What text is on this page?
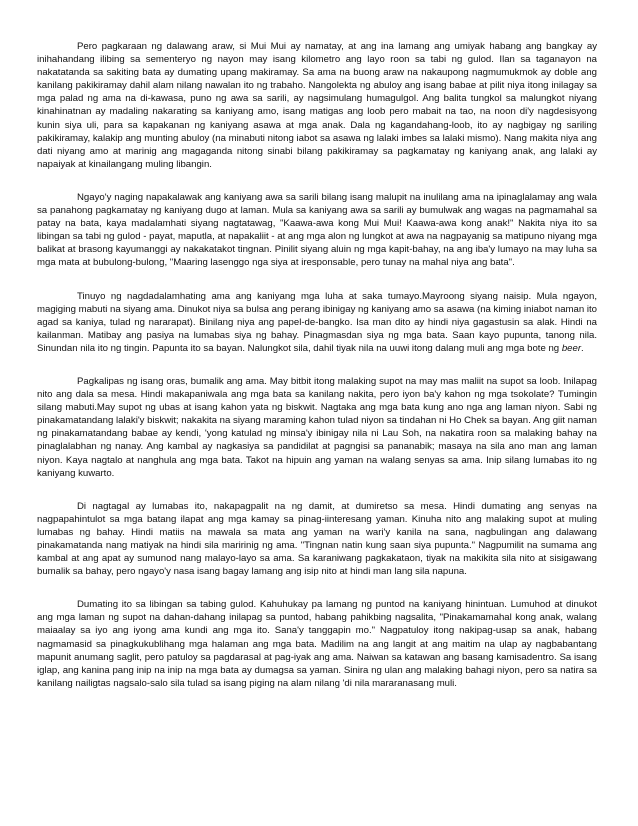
Pero pagkaraan ng dalawang araw, si Mui Mui ay namatay, at ang ina lamang ang umiyak habang ang bangkay ay inihahandang ilibing sa sementeryo ng nayon may isang kilometro ang layo roon sa tabi ng gulod. Ilan sa taganayon na nakatatanda sa sakiting bata ay dumating upang makiramay. Sa ama na buong araw na nakaupong nagmumukmok ay doble ang kanilang pakikiramay dahil alam nilang nawalan ito ng trabaho. Nangolekta ng abuloy ang isang babae at pilit niya itong inilagay sa mga palad ng ama na di-kawasa, puno ng awa sa sarili, ay nagsimulang humagulgol. Ang balita tungkol sa malungkot niyang kinahinatnan ay madaling nakarating sa kaniyang amo, isang matigas ang loob pero mabait na tao, na noon di'y nagdesisyong kunin siya uli, para sa kapakanan ng kaniyang asawa at mga anak. Dala ng kagandahang-loob, ito ay nagbigay ng sariling pakikiramay, kalakip ang munting abuloy (na minabuti nitong iabot sa asawa ng lalaki imbes sa lalaki mismo). Nang makita niya ang dati niyang amo at marinig ang magaganda nitong sinabi bilang pakikiramay sa pagkamatay ng kaniyang anak, ang lalaki ay napaiyak at kinailangang muling libangin.

Ngayo'y naging napakalawak ang kaniyang awa sa sarili bilang isang malupit na inulilang ama na ipinaglalamay ang wala sa panahong pagkamatay ng kaniyang dugo at laman. Mula sa kaniyang awa sa sarili ay bumulwak ang wagas na pagmamahal sa patay na bata, kaya madalamhati siyang nagtatawag, "Kaawa-awa kong Mui Mui! Kaawa-awa kong anak!" Nakita niya ito sa libingan sa tabi ng gulod - payat, maputla, at napakaliit - at ang mga alon ng lungkot at awa na nagpayanig sa matipuno niyang mga balikat at brasong kayumanggi ay nakakatakot tingnan. Pinilit siyang aluin ng mga kapit-bahay, na ang iba'y lumayo na may luha sa mga mata at bubulong-bulong, "Maaring lasenggo nga siya at iresponsable, pero tunay na mahal niya ang bata".

Tinuyo ng nagdadalamhating ama ang kaniyang mga luha at saka tumayo.Mayroong siyang naisip. Mula ngayon, magiging mabuti na siyang ama. Dinukot niya sa bulsa ang perang ibinigay ng kaniyang amo sa asawa (na kiming iniabot naman ito agad sa kaniya, tulad ng nararapat). Binilang niya ang papel-de-bangko. Isa man dito ay hindi niya gagastusin sa alak. Hindi na kailanman. Matibay ang pasiya na lumabas siya ng bahay. Pinagmasdan siya ng mga bata. Saan kayo pupunta, tanong nila. Sinundan nila ito ng tingin. Papunta ito sa bayan. Nalungkot sila, dahil tiyak nila na uuwi itong dalang muli ang mga bote ng beer.

Pagkalipas ng isang oras, bumalik ang ama. May bitbit itong malaking supot na may mas maliit na supot sa loob. Inilapag nito ang dala sa mesa. Hindi makapaniwala ang mga bata sa kanilang nakita, pero iyon ba'y kahon ng mga tsokolate? Tumingin silang mabuti.May supot ng ubas at isang kahon yata ng biskwit. Nagtaka ang mga bata kung ano nga ang laman niyon. Sabi ng pinakamatandang lalaki'y biskwit; nakakita na siyang maraming kahon tulad niyon sa tindahan ni Ho Chek sa bayan. Ang giit naman ng pinakamatandang babae ay kendi, 'yong katulad ng minsa'y ibinigay nila ni Lau Soh, na nakatira roon sa malaking bahay na pinaglalabhan ng nanay. Ang kambal ay nagkasiya sa pandidilat at pagngisi sa pananabik; masaya na sila ano man ang laman niyon. Kaya nagtalo at nanghula ang mga bata. Takot na hipuin ang yaman na walang senyas sa ama. Inip silang lumabas ito ng kaniyang kuwarto.

Di nagtagal ay lumabas ito, nakapagpalit na ng damit, at dumiretso sa mesa. Hindi dumating ang senyas na nagpapahintulot sa mga batang ilapat ang mga kamay sa pinag-iinteresang yaman. Kinuha nito ang malaking supot at muling lumabas ng bahay. Hindi matiis na mawala sa mata ang yaman na wari'y kanila na sana, nagbulingan ang dalawang pinakamatanda nang matiyak na hindi sila maririnig ng ama. "Tingnan natin kung saan siya pupunta." Nagpumilit na sumama ang kambal at ang apat ay sumunod nang malayo-layo sa ama. Sa karaniwang pagkakataon, tiyak na makikita sila nito at sisigawang bumalik sa bahay, pero ngayo'y nasa isang bagay lamang ang isip nito at hindi man lang sila napuna.

Dumating ito sa libingan sa tabing gulod. Kahuhukay pa lamang ng puntod na kaniyang hinintuan. Lumuhod at dinukot ang mga laman ng supot na dahan-dahang inilapag sa puntod, habang pahikbing nagsalita, "Pinakamamahal kong anak, walang maiaalay sa iyo ang iyong ama kundi ang mga ito. Sana'y tanggapin mo." Nagpatuloy itong nakipag-usap sa anak, habang nagmamasid sa pinagkukublihang mga halaman ang mga bata. Madilim na ang langit at ang maitim na ulap ay nagbabantang mapunit anumang saglit, pero patuloy sa pagdarasal at pag-iyak ang ama. Naiwan sa katawan ang basang kamisadentro. Sa isang iglap, ang kanina pang inip na inip na mga bata ay dumagsa sa yaman. Sinira ng ulan ang malaking bahagi niyon, pero sa natira sa kanilang nailigtas nagsalo-salo sila tulad sa isang piging na alam nilang 'di nila mararanasang muli.
